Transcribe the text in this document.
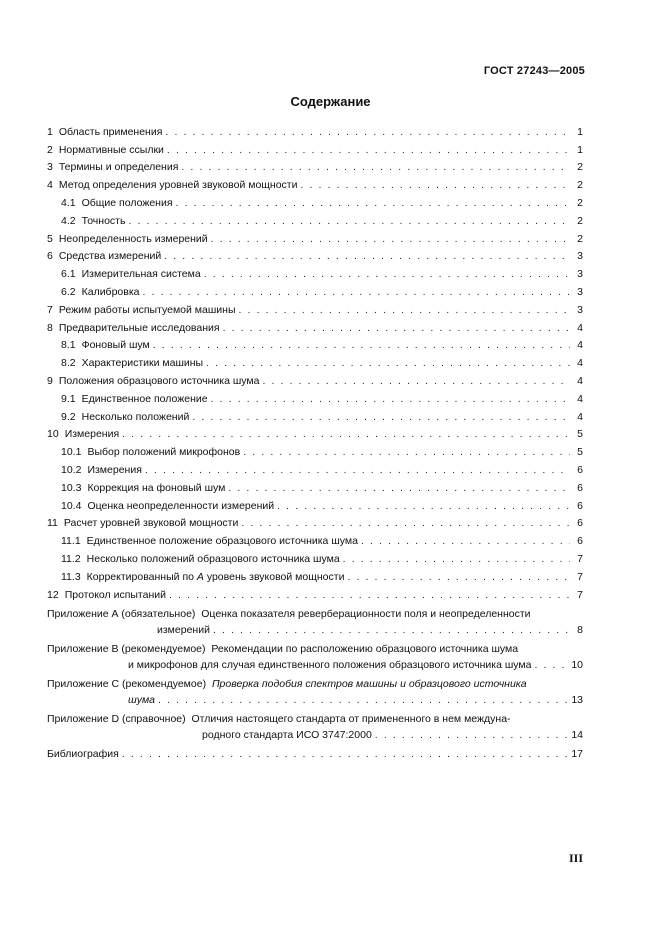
ГОСТ 27243—2005
Содержание
1 Область применения . . .	1
2 Нормативные ссылки . . .	1
3 Термины и определения . . .	2
4 Метод определения уровней звуковой мощности . . .	2
4.1 Общие положения . . .	2
4.2 Точность . . .	2
5 Неопределенность измерений . . .	2
6 Средства измерений . . .	3
6.1 Измерительная система . . .	3
6.2 Калибровка . . .	3
7 Режим работы испытуемой машины . . .	3
8 Предварительные исследования . . .	4
8.1 Фоновый шум . . .	4
8.2 Характеристики машины . . .	4
9 Положения образцового источника шума . . .	4
9.1 Единственное положение . . .	4
9.2 Несколько положений . . .	4
10 Измерения . . .	5
10.1 Выбор положений микрофонов . . .	5
10.2 Измерения . . .	6
10.3 Коррекция на фоновый шум . . .	6
10.4 Оценка неопределенности измерений . . .	6
11 Расчет уровней звуковой мощности . . .	6
11.1 Единственное положение образцового источника шума . . .	6
11.2 Несколько положений образцового источника шума . . .	7
11.3 Корректированный по
А
уровень звуковой мощности . . .	7
12 Протокол испытаний . . .	7
Приложение А (обязательное)
Оценка показателя реверберационности поля и неопределенности
измерений . . .	8
Приложение В (рекомендуемое)
Рекомендации по расположению образцового источника шума
и микрофонов для случая единственного положения образцового источника шума . . .	10
Приложение С (рекомендуемое)
Проверка подобия спектров машины и образцового источника
шума . . .	13
Приложение D (справочное)
Отличия настоящего стандарта от примененного в нем междуна-
родного стандарта ИСО 3747:2000 . . .	14
Библиография . . .	17
III
